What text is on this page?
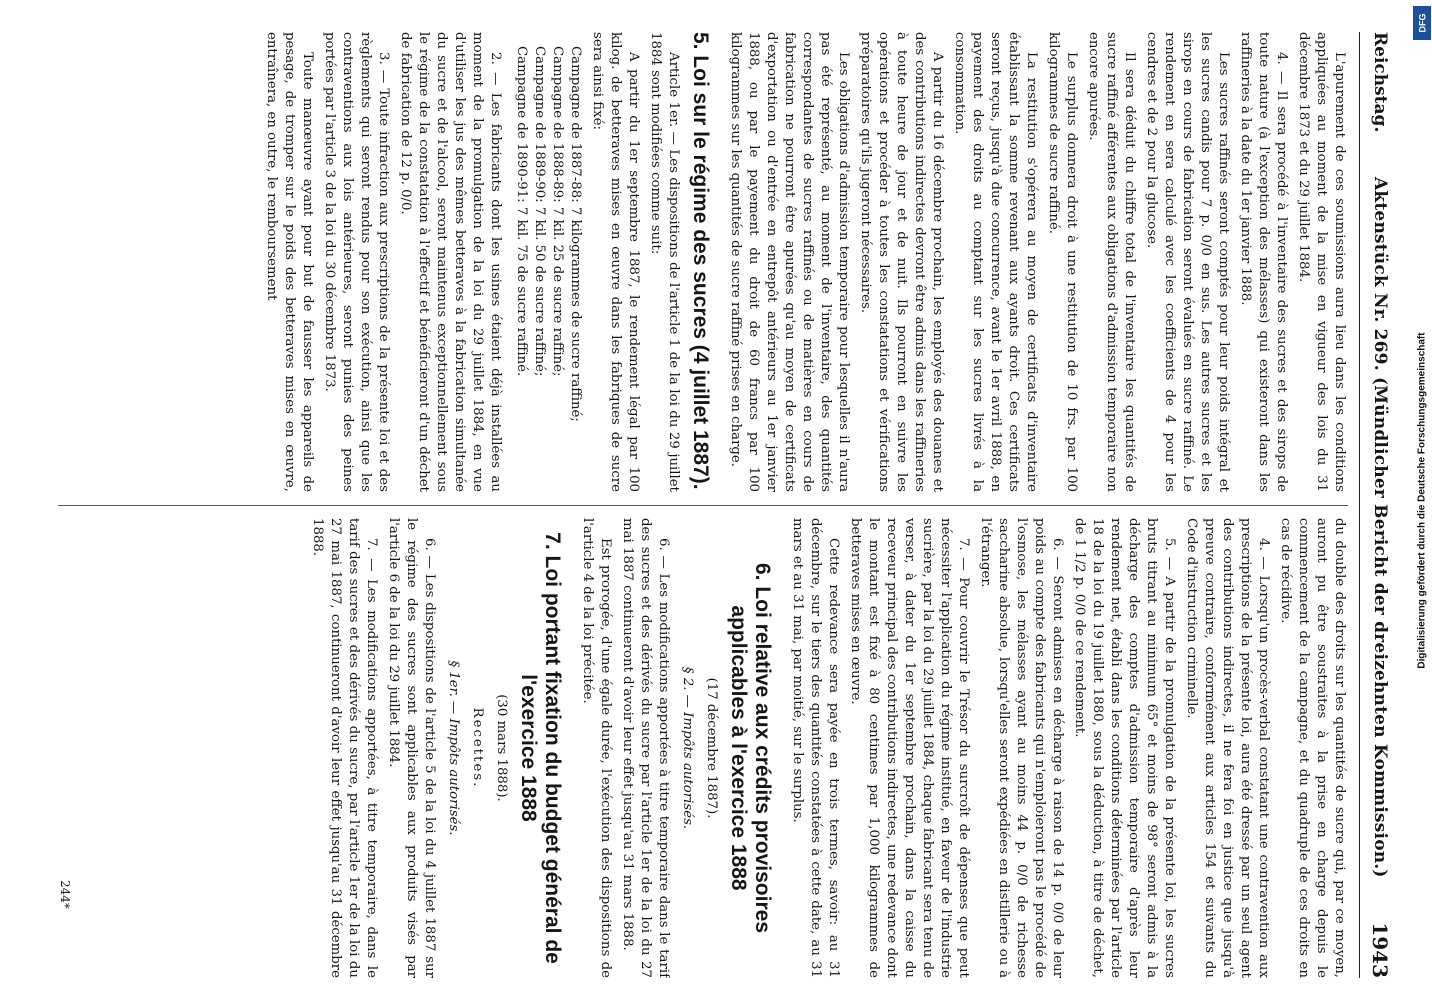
Reichstag.
Aktenstück Nr. 269. (Mündlicher Bericht der dreizehnten Kommission.)
1943

L'apurement de ces soumissions aura lieu dans les conditions appliquées au moment de la mise en vigueur des lois du 31 décembre 1873 et du 29 juillet 1884.

4. — Il sera procédé à l'inventaire des sucres et des sirops de toute nature (à l'exception des mélasses) qui existeront dans les raffineries à la date du 1er janvier 1888.

Les sucres raffinés seront comptés pour leur poids intégral et les sucres candis pour 7 p. 0/0 en sus. Les autres sucres et les sirops en cours de fabrication seront évalués en sucre raffiné. Le rendement en sera calculé avec les coefficients de 4 pour les cendres et de 2 pour la glucose.

Il sera déduit du chiffre total de l'inventaire les quantités de sucre raffiné afférentes aux obligations d'admission temporaire non encore apurées.

Le surplus donnera droit à une restitution de 10 frs. par 100 kilogrammes de sucre raffiné.

La restitution s'opérera au moyen de certificats d'inventaire établissant la somme revenant aux ayants droit. Ces certificats seront reçus, jusqu'à due concurrence, avant le 1er avril 1888, en payement des droits au comptant sur les sucres livrés à la consommation.

A partir du 16 décembre prochain, les employés des douanes et des contributions indirectes devront être admis dans les raffineries à toute heure de jour et de nuit. Ils pourront en suivre les opérations et procéder à toutes les constatations et vérifications préparatoires qu'ils jugeront nécessaires.

Les obligations d'admission temporaire pour lesquelles il n'aura pas été représenté, au moment de l'inventaire, des quantités correspondantes de sucres raffinés ou de matières en cours de fabrication ne pourront être apurées qu'au moyen de certificats d'exportation ou d'entrée en entrepôt antérieurs au 1er janvier 1888, ou par le payement du droit de 60 francs par 100 kilogrammes sur les quantités de sucre raffiné prises en charge.

5. Loi sur le régime des sucres (4 juillet 1887).

Article 1er. — Les dispositions de l'article 1 de la loi du 29 juillet 1884 sont modifiées comme suit:

A partir du 1er septembre 1887, le rendement légal par 100 kilog. de betteraves mises en œuvre dans les fabriques de sucre sera ainsi fixé:

Campagne de 1887-88: 7 kilogrammes de sucre raffiné;

Campagne de 1888-89: 7 kil. 25 de sucre raffiné;

Campagne de 1889-90: 7 kil. 50 de sucre raffiné;

Campagne de 1890-91: 7 kil. 75 de sucre raffiné.

2. — Les fabricants dont les usines étaient déjà installées au moment de la promulgation de la loi du 29 juillet 1884, en vue d'utiliser les jus des mêmes betteraves à la fabrication simultanée du sucre et de l'alcool, seront maintenus exceptionnellement sous le régime de la constatation à l'effectif et bénéficieront d'un déchet de fabrication de 12 p. 0/0.

3. — Toute infraction aux prescriptions de la présente loi et des règlements qui seront rendus pour son exécution, ainsi que les contraventions aux lois antérieures, seront punies des peines portées par l'article 3 de la loi du 30 décembre 1873.

Toute manœuvre ayant pour but de fausser les appareils de pesage, de tromper sur le poids des betteraves mises en œuvre, entraînera, en outre, le remboursement

du double des droits sur les quantités de sucre qui, par ce moyen, auront pu être soustraites à la prise en charge depuis le commencement de la campagne, et du quadruple de ces droits en cas de récidive.

4. — Lorsqu'un procès-verbal constatant une contravention aux prescriptions de la présente loi, aura été dressé par un seul agent des contributions indirectes, il ne fera foi en justice que jusqu'à preuve contraire, conformément aux articles 154 et suivants du Code d'instruction criminelle.

5. — A partir de la promulgation de la présente loi, les sucres bruts titrant au minimum 65° et moins de 98° seront admis à la décharge des comptes d'admission temporaire d'après leur rendement net, établi dans les conditions déterminées par l'article 18 de la loi du 19 juillet 1880, sous la déduction, à titre de déchet, de 1 1/2 p. 0/0 de ce rendement.

6. — Seront admises en décharge à raison de 14 p. 0/0 de leur poids au compte des fabricants qui n'emploieront pas le procédé de l'osmose, les mélasses ayant au moins 44 p. 0/0 de richesse saccharine absolue, lorsqu'elles seront expédiées en distillerie ou à l'étranger.

7. — Pour couvrir le Trésor du surcroît de dépenses que peut nécessiter l'application du régime institué, en faveur de l'industrie sucrière, par la loi du 29 juillet 1884, chaque fabricant sera tenu de verser, à dater du 1er septembre prochain, dans la caisse du receveur principal des contributions indirectes, une redevance dont le montant est fixé à 80 centimes par 1,000 kilogrammes de betteraves mises en œuvre.

Cette redevance sera payée en trois termes, savoir: au 31 décembre, sur le tiers des quantités constatées à cette date, au 31 mars et au 31 mai, par moitié, sur le surplus.

6. Loi relative aux crédits provisoires applicables à l'exercice 1888

(17 décembre 1887).

§ 2. — Impôts autorisés.

6. — Les modifications apportées à titre temporaire dans le tarif des sucres et des dérivés du sucre par l'article 1er de la loi du 27 mai 1887 continueront d'avoir leur effet jusqu'au 31 mars 1888.

Est prorogée, d'une égale durée, l'exécution des dispositions de l'article 4 de la loi précitée.

7. Loi portant fixation du budget général de l'exercice 1888

(30 mars 1888).

Recettes.

§ 1er. — Impôts autorisés.

6. — Les dispositions de l'article 5 de la loi du 4 juillet 1887 sur le régime des sucres sont applicables aux produits visés par l'article 6 de la loi du 29 juillet 1884.

7. — Les modifications apportées, à titre temporaire, dans le tarif des sucres et des dérivés du sucre, par l'article 1er de la loi du 27 mai 1887, continueront d'avoir leur effet jusqu'au 31 décembre 1888.

244*
DFG
Digitalisierung gefördert durch die Deutsche Forschungsgemeinschaft
